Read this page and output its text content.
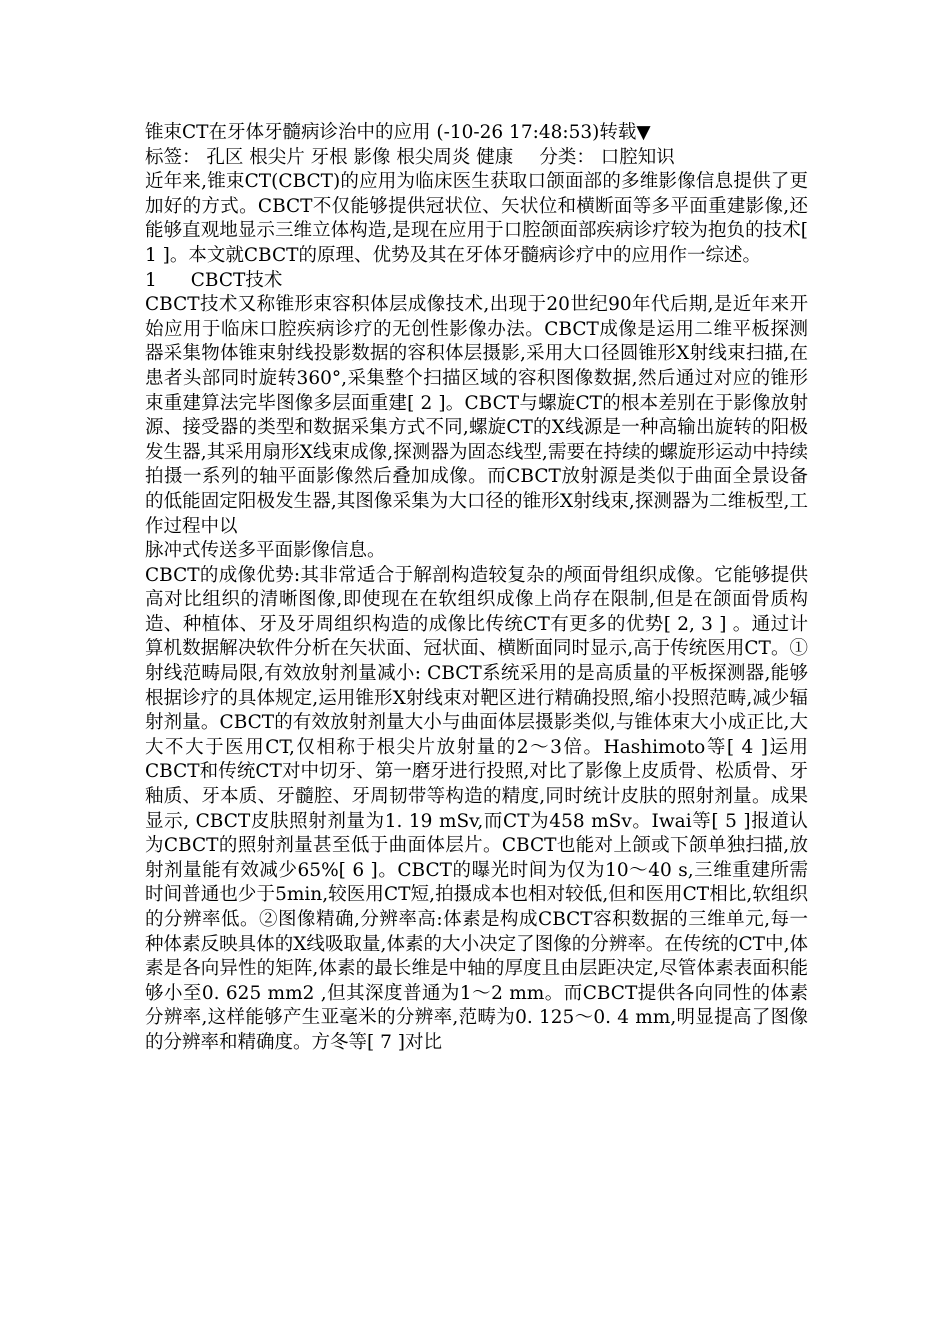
锥束CT在牙体牙髓病诊治中的应用 (-10-26 17:48:53)转载▼

标签： 孔区 根尖片 牙根 影像 根尖周炎 健康 分类： 口腔知识

近年来,锥束CT(CBCT)的应用为临床医生获取口颌面部的多维影像信息提供了更加好的方式。CBCT不仅能够提供冠状位、矢状位和横断面等多平面重建影像,还能够直观地显示三维立体构造,是现在应用于口腔颌面部疾病诊疗较为抱负的技术[ 1 ]。本文就CBCT的原理、优势及其在牙体牙髓病诊疗中的应用作一综述。

1 CBCT技术

CBCT技术又称锥形束容积体层成像技术,出现于20世纪90年代后期,是近年来开始应用于临床口腔疾病诊疗的无创性影像办法。CBCT成像是运用二维平板探测器采集物体锥束射线投影数据的容积体层摄影,采用大口径圆锥形X射线束扫描,在患者头部同时旋转360°,采集整个扫描区域的容积图像数据,然后通过对应的锥形束重建算法完毕图像多层面重建[ 2 ]。CBCT与螺旋CT的根本差别在于影像放射源、接受器的类型和数据采集方式不同,螺旋CT的X线源是一种高输出旋转的阳极发生器,其采用扇形X线束成像,探测器为固态线型,需要在持续的螺旋形运动中持续拍摄一系列的轴平面影像然后叠加成像。而CBCT放射源是类似于曲面全景设备的低能固定阳极发生器,其图像采集为大口径的锥形X射线束,探测器为二维板型,工作过程中以

脉冲式传送多平面影像信息。

CBCT的成像优势:其非常适合于解剖构造较复杂的颅面骨组织成像。它能够提供高对比组织的清晰图像,即使现在在软组织成像上尚存在限制,但是在颌面骨质构造、种植体、牙及牙周组织构造的成像比传统CT有更多的优势[ 2, 3 ] 。通过计算机数据解决软件分析在矢状面、冠状面、横断面同时显示,高于传统医用CT。①射线范畴局限,有效放射剂量减小: CBCT系统采用的是高质量的平板探测器,能够根据诊疗的具体规定,运用锥形X射线束对靶区进行精确投照,缩小投照范畴,减少辐射剂量。CBCT的有效放射剂量大小与曲面体层摄影类似,与锥体束大小成正比,大大不大于医用CT,仅相称于根尖片放射量的2～3倍。Hashimoto等[ 4 ]运用CBCT和传统CT对中切牙、第一磨牙进行投照,对比了影像上皮质骨、松质骨、牙釉质、牙本质、牙髓腔、牙周韧带等构造的精度,同时统计皮肤的照射剂量。成果显示, CBCT皮肤照射剂量为1. 19 mSv,而CT为458 mSv。Iwai等[ 5 ]报道认为CBCT的照射剂量甚至低于曲面体层片。CBCT也能对上颌或下颌单独扫描,放射剂量能有效减少65%[ 6 ]。CBCT的曝光时间为仅为10～40 s,三维重建所需时间普通也少于5min,较医用CT短,拍摄成本也相对较低,但和医用CT相比,软组织的分辨率低。②图像精确,分辨率高:体素是构成CBCT容积数据的三维单元,每一种体素反映具体的X线吸取量,体素的大小决定了图像的分辨率。在传统的CT中,体素是各向异性的矩阵,体素的最长维是中轴的厚度且由层距决定,尽管体素表面积能够小至0. 625 mm2 ,但其深度普通为1～2 mm。而CBCT提供各向同性的体素分辨率,这样能够产生亚毫米的分辨率,范畴为0. 125～0. 4 mm,明显提高了图像的分辨率和精确度。方冬等[ 7 ]对比
